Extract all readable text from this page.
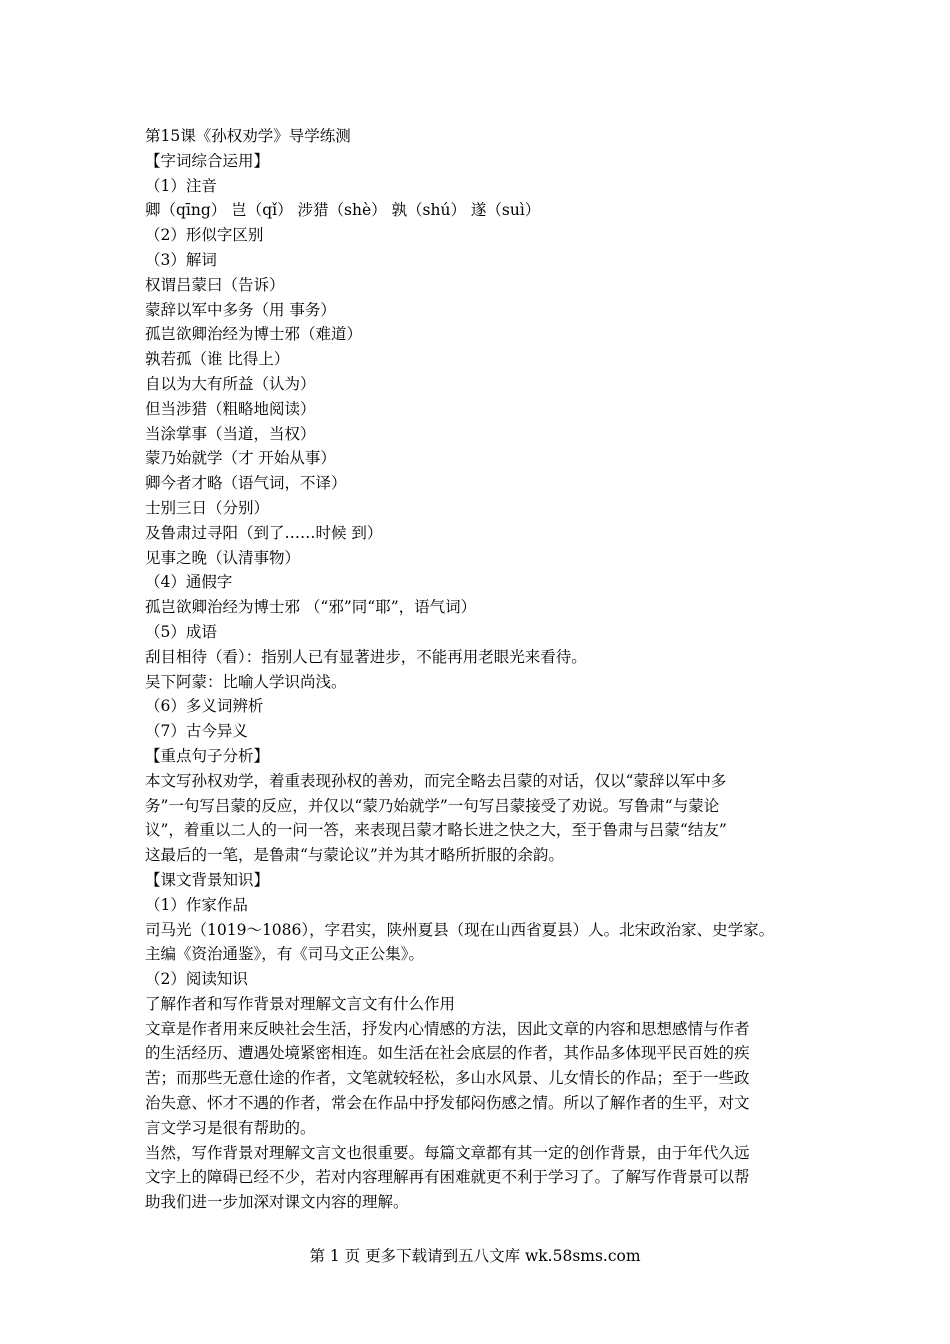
第15课《孙权劝学》导学练测
【字词综合运用】
（1）注音
卿（qīng） 岂（qǐ） 涉猎（shè） 孰（shú） 遂（suì）
（2）形似字区别
（3）解词
权谓吕蒙曰（告诉）
蒙辞以军中多务（用 事务）
孤岂欲卿治经为博士邪（难道）
孰若孤（谁 比得上）
自以为大有所益（认为）
但当涉猎（粗略地阅读）
当涂掌事（当道，当权）
蒙乃始就学（才 开始从事）
卿今者才略（语气词，不译）
士别三日（分别）
及鲁肃过寻阳（到了……时候 到）
见事之晚（认清事物）
（4）通假字
孤岂欲卿治经为博士邪 （“邪”同“耶”，语气词）
（5）成语
刮目相待（看）：指别人已有显著进步，不能再用老眼光来看待。
吴下阿蒙：比喻人学识尚浅。
（6）多义词辨析
（7）古今异义
【重点句子分析】
本文写孙权劝学，着重表现孙权的善劝，而完全略去吕蒙的对话，仅以“蒙辞以军中多
务”一句写吕蒙的反应，并仅以“蒙乃始就学”一句写吕蒙接受了劝说。写鲁肃“与蒙论
议”，着重以二人的一问一答，来表现吕蒙才略长进之快之大，至于鲁肃与吕蒙“结友”
这最后的一笔，是鲁肃“与蒙论议”并为其才略所折服的余韵。
【课文背景知识】
（1）作家作品
司马光（1019～1086），字君实，陕州夏县（现在山西省夏县）人。北宋政治家、史学家。
主编《资治通鉴》，有《司马文正公集》。
（2）阅读知识
了解作者和写作背景对理解文言文有什么作用
文章是作者用来反映社会生活，抒发内心情感的方法，因此文章的内容和思想感情与作者
的生活经历、遭遇处境紧密相连。如生活在社会底层的作者，其作品多体现平民百姓的疾
苦；而那些无意仕途的作者，文笔就较轻松，多山水风景、儿女情长的作品；至于一些政
治失意、怀才不遇的作者，常会在作品中抒发郁闷伤感之情。所以了解作者的生平，对文
言文学习是很有帮助的。
当然，写作背景对理解文言文也很重要。每篇文章都有其一定的创作背景，由于年代久远
文字上的障碍已经不少，若对内容理解再有困难就更不利于学习了。了解写作背景可以帮
助我们进一步加深对课文内容的理解。
第 1 页 更多下载请到五八文库 wk.58sms.com
